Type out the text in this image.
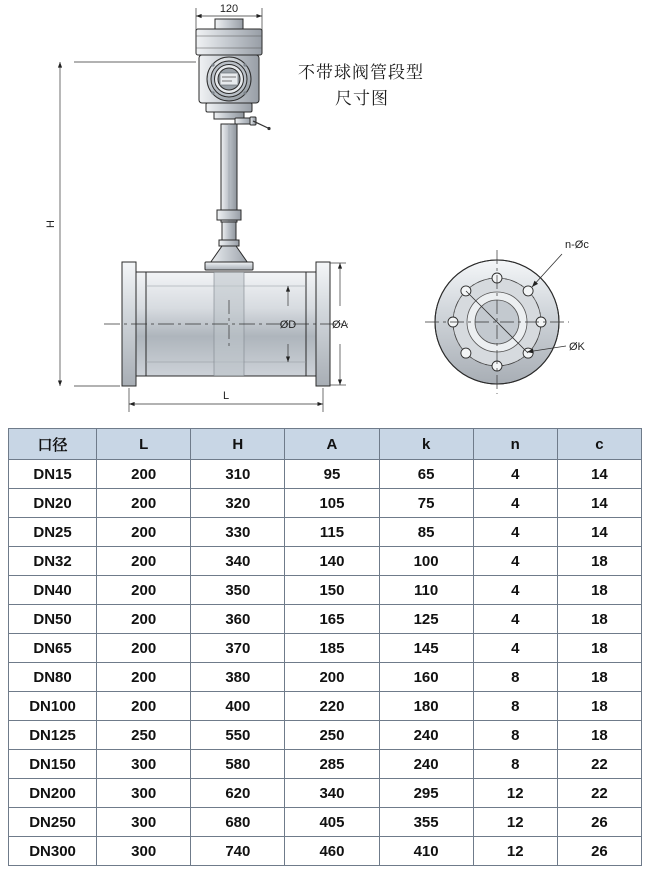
120
H
L
ØD	ØA
n-Øc
ØK
不带球阀管段型
尺寸图
口径	L	H	A	k	n	c
DN15	200	310	95	65	4	14
DN20	200	320	105	75	4	14
DN25	200	330	115	85	4	14
DN32	200	340	140	100	4	18
DN40	200	350	150	110	4	18
DN50	200	360	165	125	4	18
DN65	200	370	185	145	4	18
DN80	200	380	200	160	8	18
DN100	200	400	220	180	8	18
DN125	250	550	250	240	8	18
DN150	300	580	285	240	8	22
DN200	300	620	340	295	12	22
DN250	300	680	405	355	12	26
DN300	300	740	460	410	12	26
